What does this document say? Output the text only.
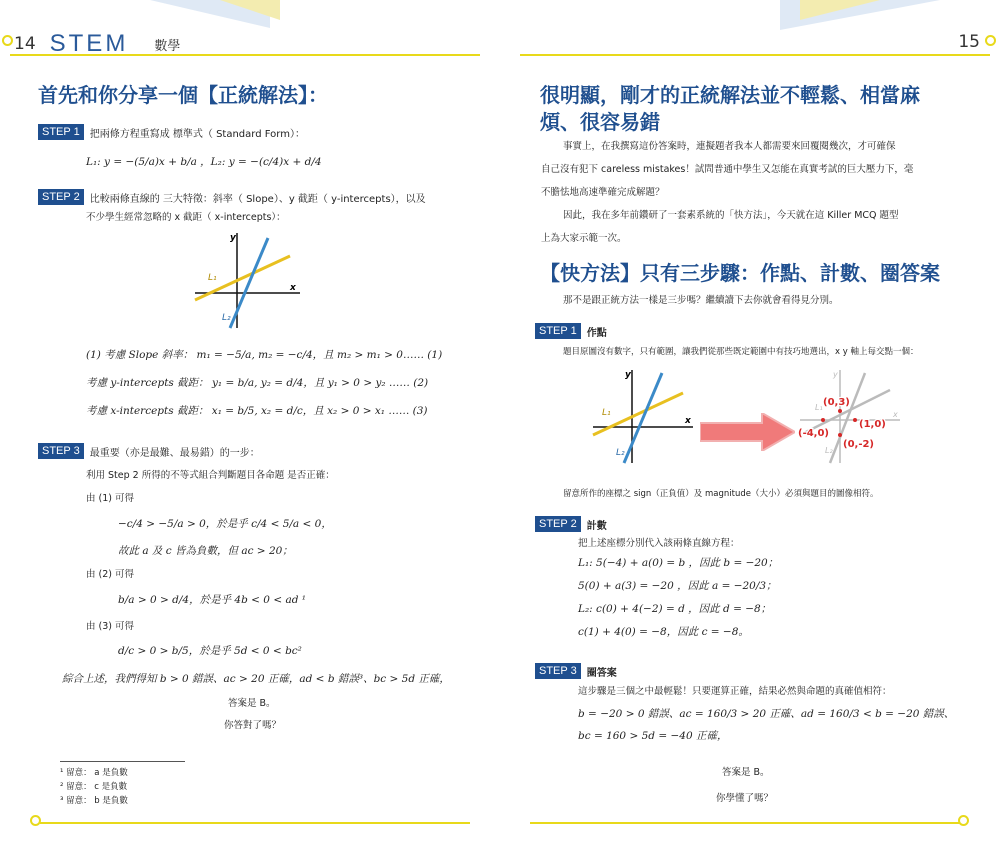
14 STEM 數學	15
首先和你分享一個【正統解法】：
STEP 1	把兩條方程重寫成 標準式（ Standard Form）：
L₁: y = −(5/a)x + b/a ，L₂: y = −(c/4)x + d/4
STEP 2	比較兩條直線的 三大特徵：斜率（ Slope）、y 截距（ y-intercepts），以及
不少學生經常忽略的 x 截距（ x-intercepts）：
y
x
L₁
L₂
(1) 考慮 Slope 斜率： m₁ = −5/a, m₂ = −c/4，且 m₂ > m₁ > 0…… (1)
考慮 y-intercepts 截距： y₁ = b/a, y₂ = d/4，且 y₁ > 0 > y₂ …… (2)
考慮 x-intercepts 截距： x₁ = b/5, x₂ = d/c，且 x₂ > 0 > x₁ …… (3)
STEP 3	最重要（亦是最難、最易錯）的一步：
利用 Step 2 所得的不等式組合判斷題目各命題 是否正確：
由 (1) 可得
−c/4 > −5/a > 0，於是乎 c/4 < 5/a < 0，
故此 a 及 c 皆為負數，但 ac > 20；
由 (2) 可得
b/a > 0 > d/4，於是乎 4b < 0 < ad ¹
由 (3) 可得
d/c > 0 > b/5，於是乎 5d < 0 < bc²
綜合上述，我們得知 b > 0 錯誤、ac > 20 正確，ad < b 錯誤³、bc > 5d 正確，
答案是 B。
你答對了嗎？
¹ 留意： a 是負數
² 留意： c 是負數
³ 留意： b 是負數
很明顯，剛才的正統解法並不輕鬆、相當麻
煩、很容易錯
事實上，在我撰寫這份答案時，連擬題者我本人都需要來回覆閱幾次，才可確保
自己沒有犯下 careless mistakes！試問普通中學生又怎能在真實考試的巨大壓力下，毫
不膽怯地高速準確完成解題？
因此，我在多年前鑽研了一套素系統的「快方法」，今天就在這 Killer MCQ 題型
上為大家示範一次。
【快方法】只有三步驟：作點、計數、圈答案
那不是跟正統方法一樣是三步嗎？繼續讀下去你就會看得見分別。
STEP 1	作點
題目原圖沒有數字，只有範圍，讓我們從那些既定範圍中有技巧地選出，x y 軸上每交點一個：
y
x
L₁
L₂
y
x
L₁
L₂
(0,3)
(1,0)
(-4,0)
(0,-2)
留意所作的座標之 sign（正負值）及 magnitude（大小）必須與題目的圖像相符。
STEP 2	計數
把上述座標分別代入該兩條直線方程：
L₁: 5(−4) + a(0) = b ，因此 b = −20；
5(0) + a(3) = −20 ，因此 a = −20/3；
L₂: c(0) + 4(−2) = d ，因此 d = −8；
c(1) + 4(0) = −8，因此 c = −8。
STEP 3	圈答案
這步驟是三個之中最輕鬆！只要運算正確，結果必然與命題的真確值相符：
b = −20 > 0 錯誤、ac = 160/3 > 20 正確、ad = 160/3 < b = −20 錯誤、
bc = 160 > 5d = −40 正確，
答案是 B。
你學懂了嗎？
